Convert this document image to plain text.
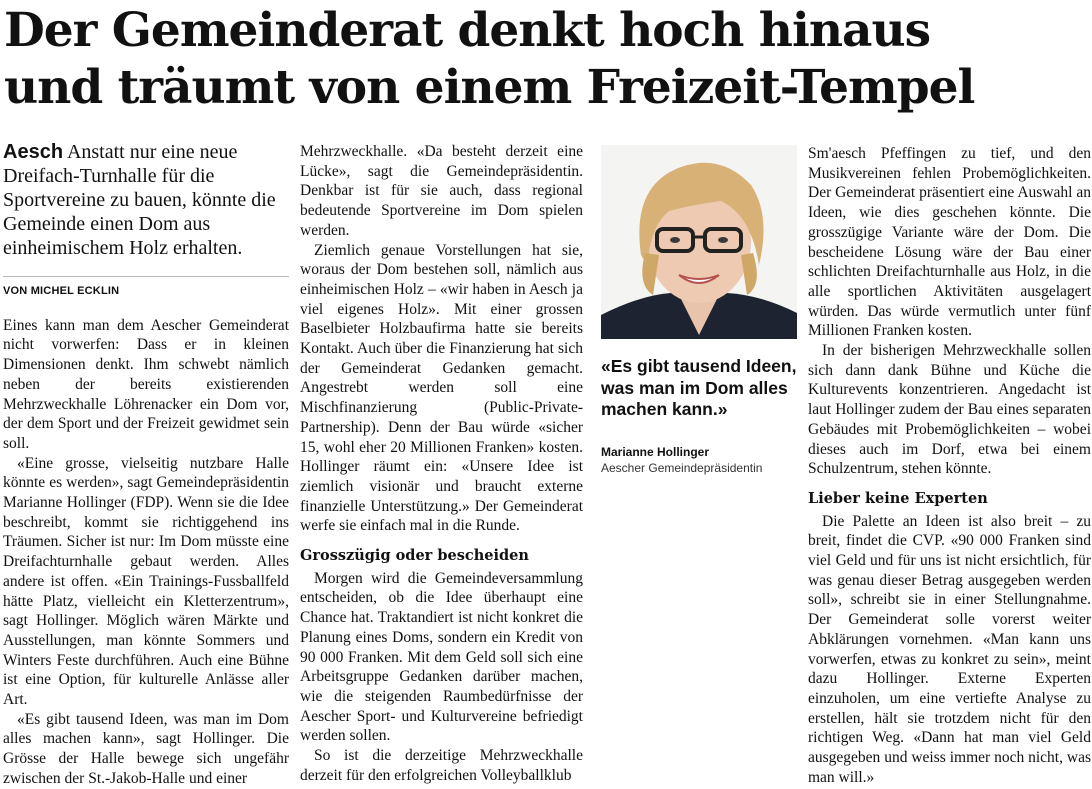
Der Gemeinderat denkt hoch hinaus
und träumt von einem Freizeit-Tempel

Aesch Anstatt nur eine neue Dreifach-Turnhalle für die Sportvereine zu bauen, könnte die Gemeinde einen Dom aus einheimischem Holz erhalten.

VON MICHEL ECKLIN

Eines kann man dem Aescher Gemeinderat nicht vorwerfen: Dass er in kleinen Dimensionen denkt. Ihm schwebt nämlich neben der bereits existierenden Mehrzweckhalle Löhrenacker ein Dom vor, der dem Sport und der Freizeit gewidmet sein soll.

«Eine grosse, vielseitig nutzbare Halle könnte es werden», sagt Gemeindepräsidentin Marianne Hollinger (FDP). Wenn sie die Idee beschreibt, kommt sie richtiggehend ins Träumen. Sicher ist nur: Im Dom müsste eine Dreifachturnhalle gebaut werden. Alles andere ist offen. «Ein Trainings-Fussballfeld hätte Platz, vielleicht ein Kletterzentrum», sagt Hollinger. Möglich wären Märkte und Ausstellungen, man könnte Sommers und Winters Feste durchführen. Auch eine Bühne ist eine Option, für kulturelle Anlässe aller Art.

«Es gibt tausend Ideen, was man im Dom alles machen kann», sagt Hollinger. Die Grösse der Halle bewege sich ungefähr zwischen der St.-Jakob-Halle und einer

Mehrzweckhalle. «Da besteht derzeit eine Lücke», sagt die Gemeindepräsidentin. Denkbar ist für sie auch, dass regional bedeutende Sportvereine im Dom spielen werden.

Ziemlich genaue Vorstellungen hat sie, woraus der Dom bestehen soll, nämlich aus einheimischen Holz – «wir haben in Aesch ja viel eigenes Holz». Mit einer grossen Baselbieter Holzbaufirma hatte sie bereits Kontakt. Auch über die Finanzierung hat sich der Gemeinderat Gedanken gemacht. Angestrebt werden soll eine Mischfinanzierung (Public-Private-Partnership). Denn der Bau würde «sicher 15, wohl eher 20 Millionen Franken» kosten. Hollinger räumt ein: «Unsere Idee ist ziemlich visionär und braucht externe finanzielle Unterstützung.» Der Gemeinderat werfe sie einfach mal in die Runde.

Grosszügig oder bescheiden

Morgen wird die Gemeindeversammlung entscheiden, ob die Idee überhaupt eine Chance hat. Traktandiert ist nicht konkret die Planung eines Doms, sondern ein Kredit von 90 000 Franken. Mit dem Geld soll sich eine Arbeitsgruppe Gedanken darüber machen, wie die steigenden Raumbedürfnisse der Aescher Sport- und Kulturvereine befriedigt werden sollen.

So ist die derzeitige Mehrzweckhalle derzeit für den erfolgreichen Volleyballklub

«Es gibt tausend Ideen, was man im Dom alles machen kann.»

Marianne Hollinger

Aescher Gemeindepräsidentin

Sm'aesch Pfeffingen zu tief, und den Musikvereinen fehlen Probemöglichkeiten. Der Gemeinderat präsentiert eine Auswahl an Ideen, wie dies geschehen könnte. Die grosszügige Variante wäre der Dom. Die bescheidene Lösung wäre der Bau einer schlichten Dreifachturnhalle aus Holz, in die alle sportlichen Aktivitäten ausgelagert würden. Das würde vermutlich unter fünf Millionen Franken kosten.

In der bisherigen Mehrzweckhalle sollen sich dann dank Bühne und Küche die Kulturevents konzentrieren. Angedacht ist laut Hollinger zudem der Bau eines separaten Gebäudes mit Probemöglichkeiten – wobei dieses auch im Dorf, etwa bei einem Schulzentrum, stehen könnte.

Lieber keine Experten

Die Palette an Ideen ist also breit – zu breit, findet die CVP. «90 000 Franken sind viel Geld und für uns ist nicht ersichtlich, für was genau dieser Betrag ausgegeben werden soll», schreibt sie in einer Stellungnahme. Der Gemeinderat solle vorerst weiter Abklärungen vornehmen. «Man kann uns vorwerfen, etwas zu konkret zu sein», meint dazu Hollinger. Externe Experten einzuholen, um eine vertiefte Analyse zu erstellen, hält sie trotzdem nicht für den richtigen Weg. «Dann hat man viel Geld ausgegeben und weiss immer noch nicht, was man will.»
